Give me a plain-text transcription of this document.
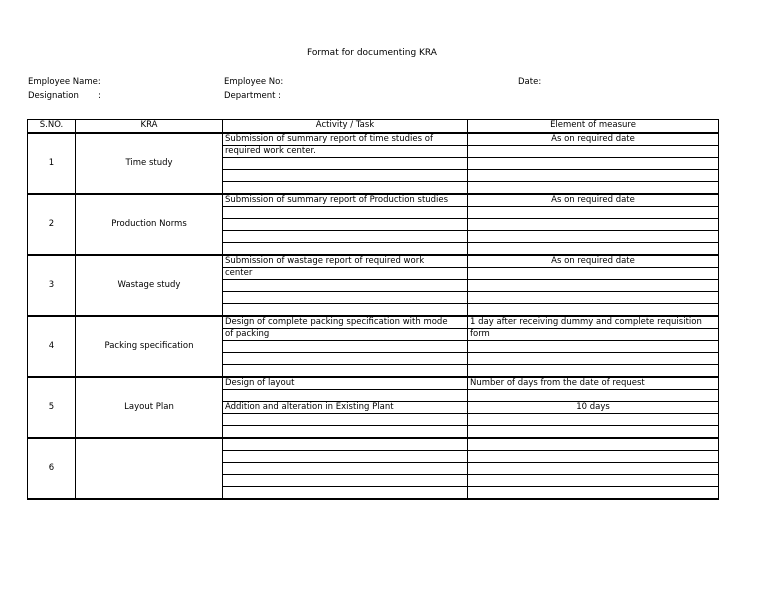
Format for documenting KRA
Employee Name:
Designation :
Employee No:
Department :
Date:
S.NO.	KRA	Activity / Task	Element of measure
1	Time study	Submission of summary report of time studies of	As on required date
		required work center.	

2	Production Norms	Submission of summary report of Production studies	As on required date

3	Wastage study	Submission of wastage report of required work	As on required date
		center	

4	Packing specification	Design of complete packing specification with mode	1 day after receiving dummy and complete requisition
		of packing	form

5	Layout Plan	Design of layout	Number of days from the date of request

		Addition and alteration in Existing Plant	10 days

6			
